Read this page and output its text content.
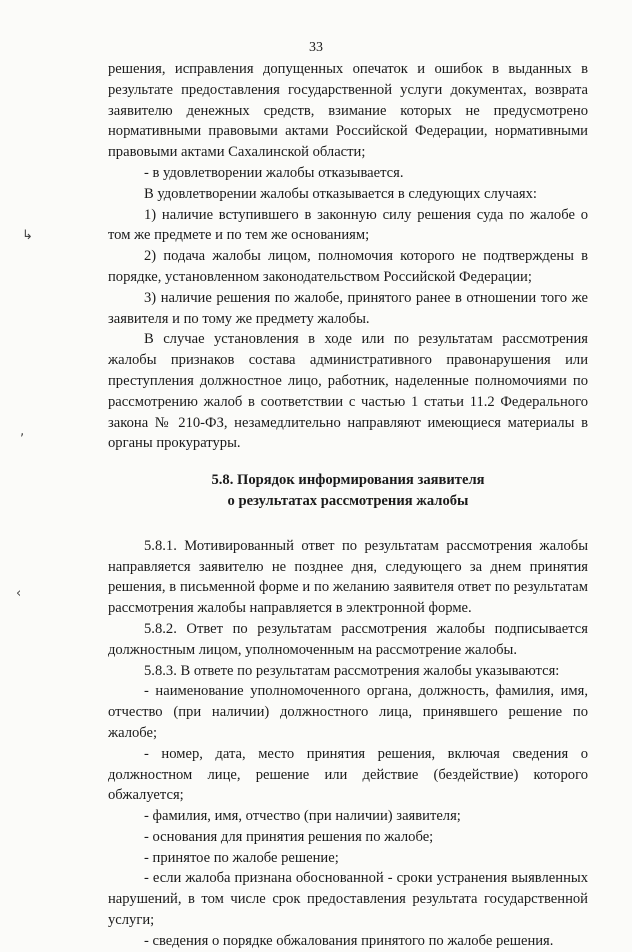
33
↳
‚
‹

решения, исправления допущенных опечаток и ошибок в выданных в результате предоставления государственной услуги документах, возврата заявителю денежных средств, взимание которых не предусмотрено нормативными правовыми актами Российской Федерации, нормативными правовыми актами Сахалинской области;

- в удовлетворении жалобы отказывается.

В удовлетворении жалобы отказывается в следующих случаях:

1) наличие вступившего в законную силу решения суда по жалобе о том же предмете и по тем же основаниям;

2) подача жалобы лицом, полномочия которого не подтверждены в порядке, установленном законодательством Российской Федерации;

3) наличие решения по жалобе, принятого ранее в отношении того же заявителя и по тому же предмету жалобы.

В случае установления в ходе или по результатам рассмотрения жалобы признаков состава административного правонарушения или преступления должностное лицо, работник, наделенные полномочиями по рассмотрению жалоб в соответствии с частью 1 статьи 11.2 Федерального закона № 210-ФЗ, незамедлительно направляют имеющиеся материалы в органы прокуратуры.

5.8. Порядок информирования заявителя

о результатах рассмотрения жалобы

5.8.1. Мотивированный ответ по результатам рассмотрения жалобы направляется заявителю не позднее дня, следующего за днем принятия решения, в письменной форме и по желанию заявителя ответ по результатам рассмотрения жалобы направляется в электронной форме.

5.8.2. Ответ по результатам рассмотрения жалобы подписывается должностным лицом, уполномоченным на рассмотрение жалобы.

5.8.3. В ответе по результатам рассмотрения жалобы указываются:

- наименование уполномоченного органа, должность, фамилия, имя, отчество (при наличии) должностного лица, принявшего решение по жалобе;

- номер, дата, место принятия решения, включая сведения о должностном лице, решение или действие (бездействие) которого обжалуется;

- фамилия, имя, отчество (при наличии) заявителя;

- основания для принятия решения по жалобе;

- принятое по жалобе решение;

- если жалоба признана обоснованной - сроки устранения выявленных нарушений, в том числе срок предоставления результата государственной услуги;

- сведения о порядке обжалования принятого по жалобе решения.
